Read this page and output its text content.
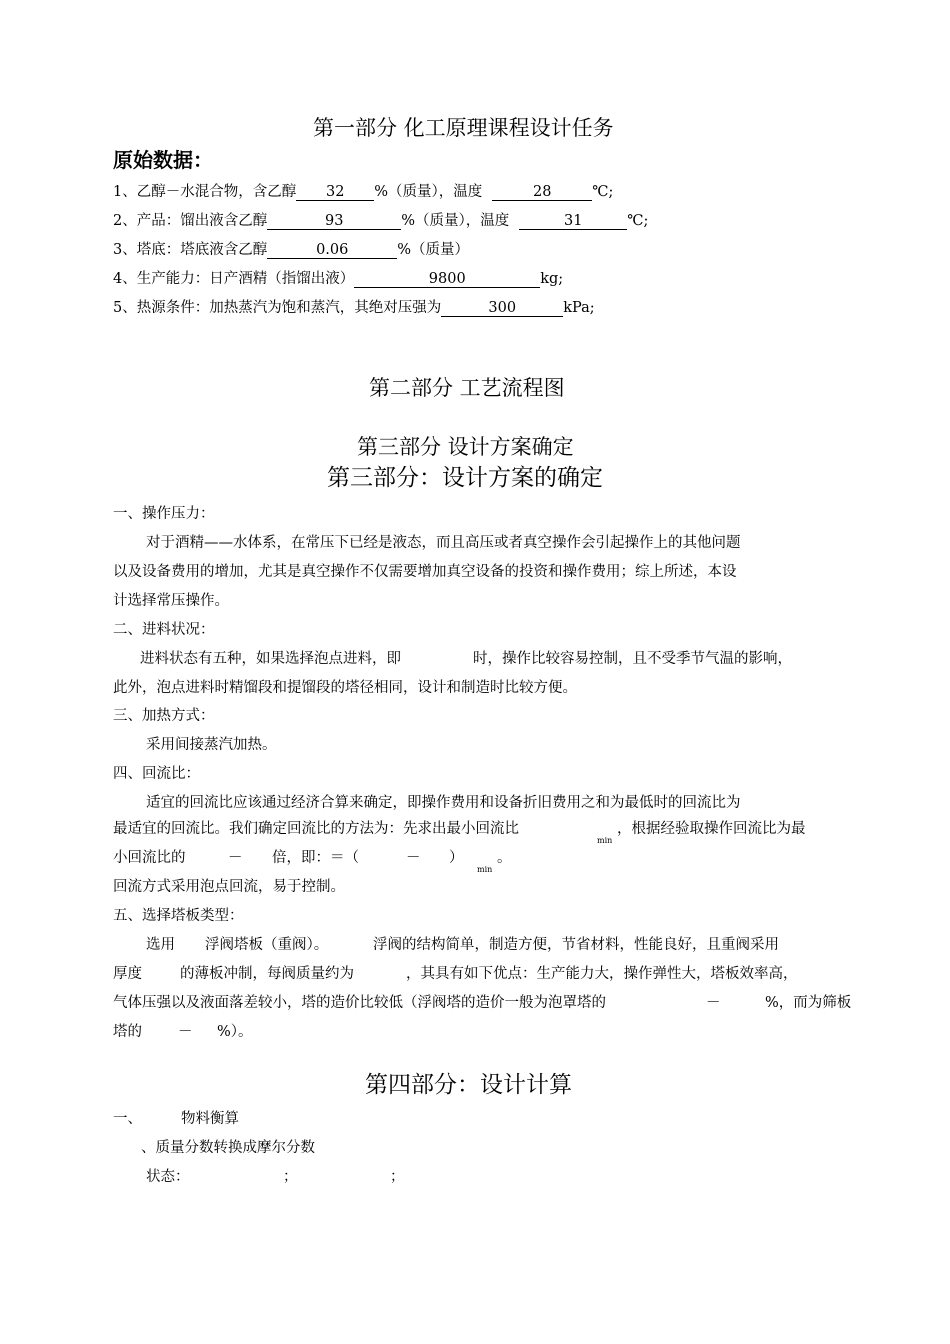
第一部分 化工原理课程设计任务
原始数据：
1、乙醇－水混合物，含乙醇 32 %（质量），温度	28	℃;
2、产品：馏出液含乙醇	93	%（质量），温度	31	℃;
3、塔底：塔底液含乙醇	0.06	%（质量）
4、生产能力：日产酒精（指馏出液）	9800	kg;
5、热源条件：加热蒸汽为饱和蒸汽，其绝对压强为	300	kPa;
第二部分 工艺流程图
第三部分 设计方案确定
第三部分：设计方案的确定
一、操作压力：
对于酒精——水体系，在常压下已经是液态，而且高压或者真空操作会引起操作上的其他问题
以及设备费用的增加，尤其是真空操作不仅需要增加真空设备的投资和操作费用；综上所述，本设
计选择常压操作。
二、进料状况：
进料状态有五种，如果选择泡点进料，即	时，操作比较容易控制，且不受季节气温的影响，
此外，泡点进料时精馏段和提馏段的塔径相同，设计和制造时比较方便。
三、加热方式：
采用间接蒸汽加热。
四、回流比：
适宜的回流比应该通过经济合算来确定，即操作费用和设备折旧费用之和为最低时的回流比为
最适宜的回流比。我们确定回流比的方法为：先求出最小回流比	，根据经验取操作回流比为最
min
小回流比的	－ 倍，即：＝（	－ ） 。
min
回流方式采用泡点回流，易于控制。
五、选择塔板类型：
选用 浮阀塔板（重阀）。	浮阀的结构简单，制造方便，节省材料，性能良好，且重阀采用
厚度	的薄板冲制，每阀质量约为	，其具有如下优点：生产能力大，操作弹性大，塔板效率高，
气体压强以及液面落差较小，塔的造价比较低（浮阀塔的造价一般为泡罩塔的	－	%，而为筛板
塔的 － %）。
第四部分：设计计算
一、	物料衡算
、质量分数转换成摩尔分数
状态：	；	；
